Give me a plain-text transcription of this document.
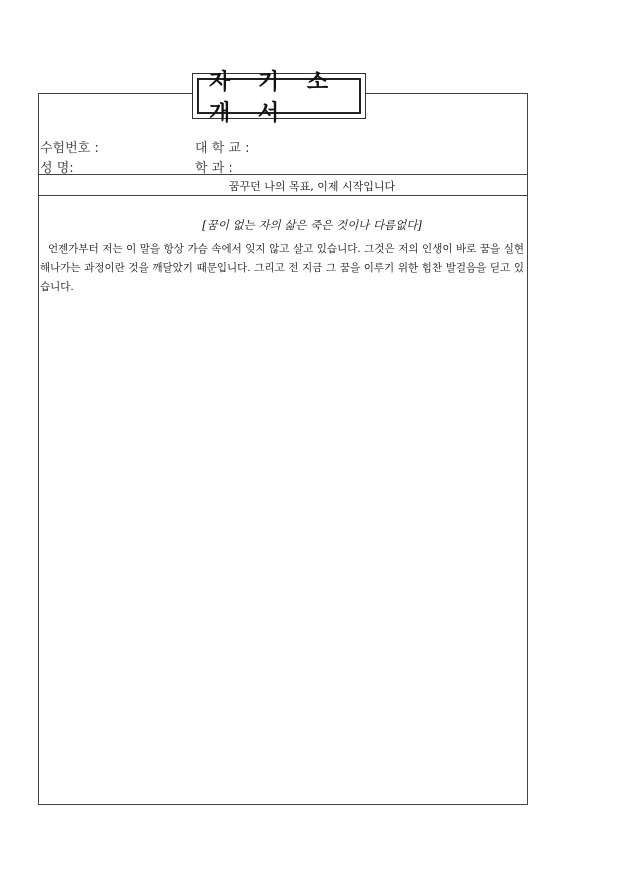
자 기 소 개 서
수험번호 :	대 학 교 :
성 명:	학 과 :
꿈꾸던 나의 목표, 이제 시작입니다
[꿈이 없는 자의 삶은 죽은 것이나 다름없다]

언젠가부터 저는 이 말을 항상 가슴 속에서 잊지 않고 살고 있습니다. 그것은 저의 인생이 바로 꿈을 실현해나가는 과정이란 것을 깨달았기 때문입니다. 그리고 전 지금 그 꿈을 이루기 위한 힘찬 발걸음을 딛고 있습니다.
